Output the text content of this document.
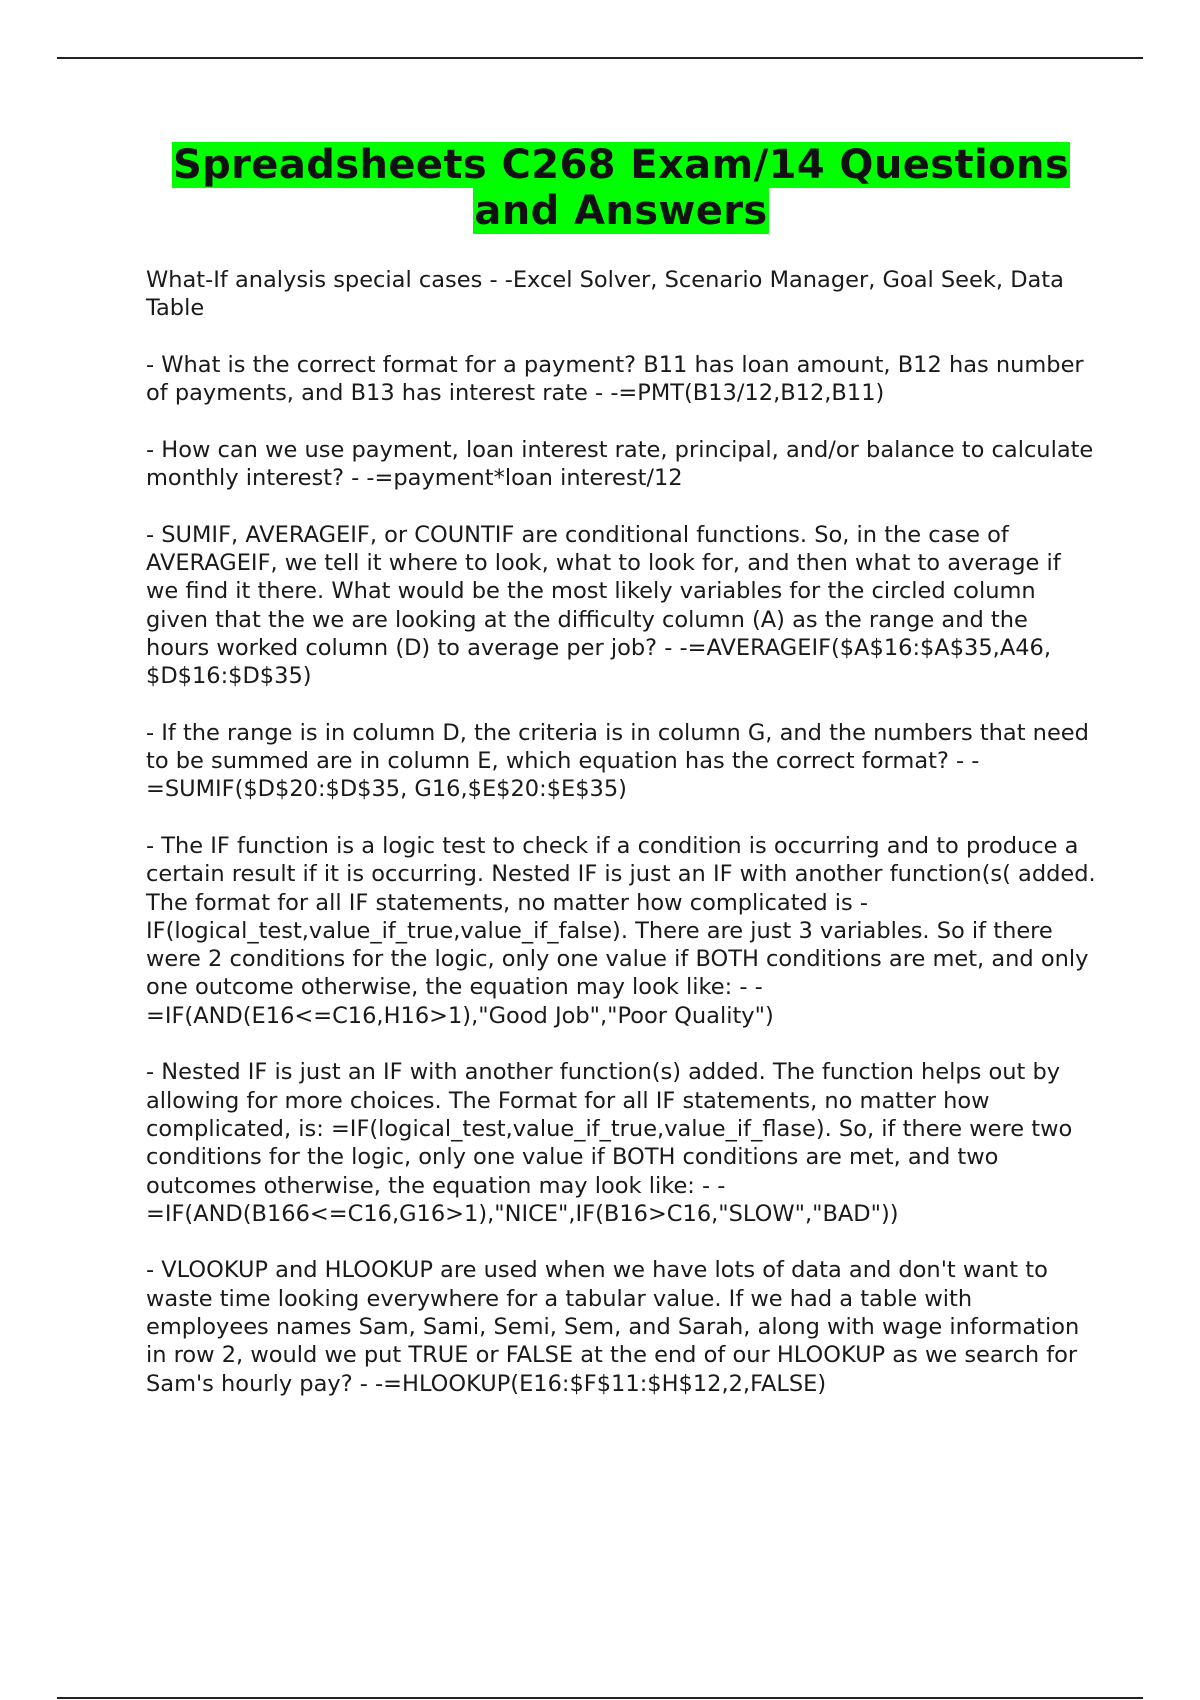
Spreadsheets C268 Exam/14 Questions
and Answers

What-If analysis special cases - -Excel Solver, Scenario Manager, Goal Seek, Data Table

- What is the correct format for a payment? B11 has loan amount, B12 has number of payments, and B13 has interest rate - -=PMT(B13/12,B12,B11)

- How can we use payment, loan interest rate, principal, and/or balance to calculate monthly interest? - -=payment*loan interest/12

- SUMIF, AVERAGEIF, or COUNTIF are conditional functions. So, in the case of AVERAGEIF, we tell it where to look, what to look for, and then what to average if we find it there. What would be the most likely variables for the circled column given that the we are looking at the difficulty column (A) as the range and the hours worked column (D) to average per job? - -=AVERAGEIF($A$16:$A$35,A46, $D$16:$D$35)

- If the range is in column D, the criteria is in column G, and the numbers that need to be summed are in column E, which equation has the correct format? - -=SUMIF($D$20:$D$35, G16,$E$20:$E$35)

- The IF function is a logic test to check if a condition is occurring and to produce a certain result if it is occurring. Nested IF is just an IF with another function(s( added. The format for all IF statements, no matter how complicated is -IF(logical_test,value_if_true,value_if_false). There are just 3 variables. So if there were 2 conditions for the logic, only one value if BOTH conditions are met, and only one outcome otherwise, the equation may look like: - -=IF(AND(E16<=C16,H16>1),"Good Job","Poor Quality")

- Nested IF is just an IF with another function(s) added. The function helps out by allowing for more choices. The Format for all IF statements, no matter how complicated, is: =IF(logical_test,value_if_true,value_if_flase). So, if there were two conditions for the logic, only one value if BOTH conditions are met, and two outcomes otherwise, the equation may look like: - -=IF(AND(B166<=C16,G16>1),"NICE",IF(B16>C16,"SLOW","BAD"))

- VLOOKUP and HLOOKUP are used when we have lots of data and don't want to waste time looking everywhere for a tabular value. If we had a table with employees names Sam, Sami, Semi, Sem, and Sarah, along with wage information in row 2, would we put TRUE or FALSE at the end of our HLOOKUP as we search for Sam's hourly pay? - -=HLOOKUP(E16:$F$11:$H$12,2,FALSE)
